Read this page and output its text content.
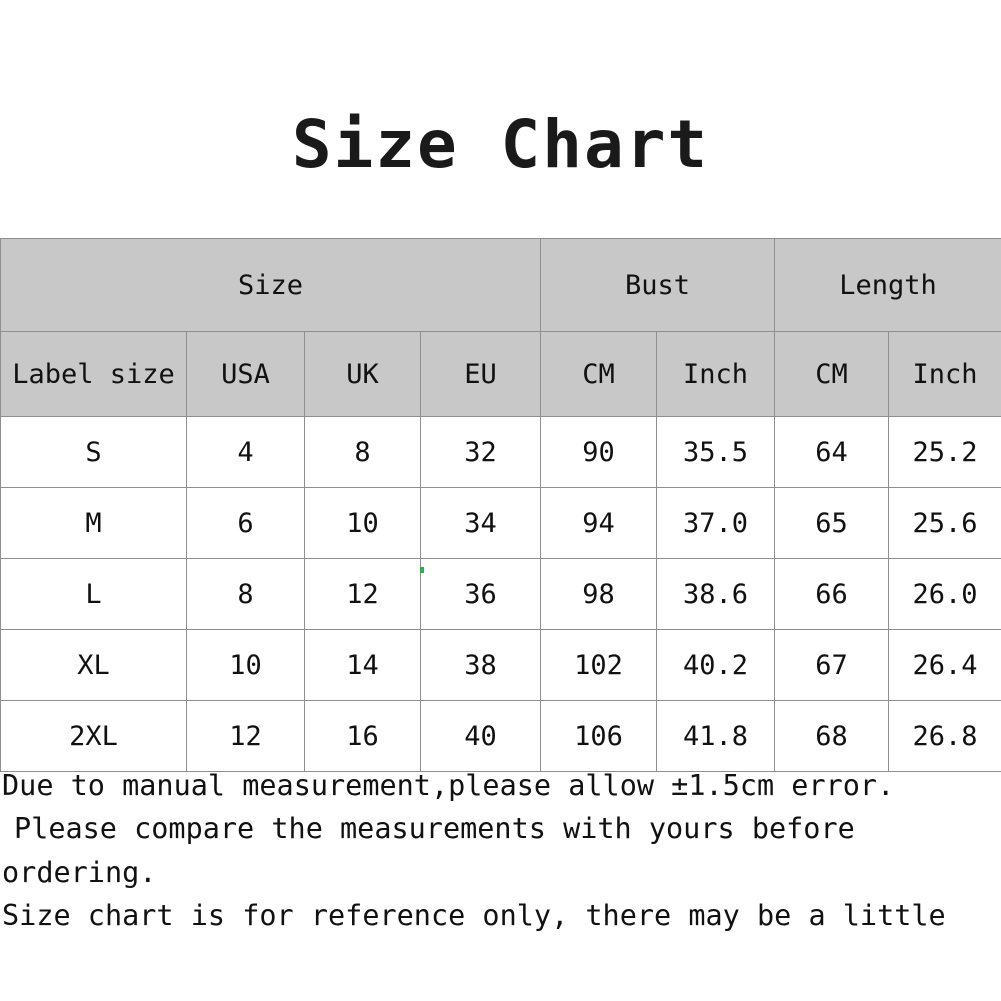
Size Chart
Size				Bust		Length	
Label size	USA	UK	EU	CM	Inch	CM	Inch
S	4	8	32	90	35.5	64	25.2
M	6	10	34	94	37.0	65	25.6
L	8	12	36	98	38.6	66	26.0
XL	10	14	38	102	40.2	67	26.4
2XL	12	16	40	106	41.8	68	26.8

Due to manual measurement,please allow ±1.5cm error.

Please compare the measurements with yours before

ordering.

Size chart is for reference only, there may be a little
